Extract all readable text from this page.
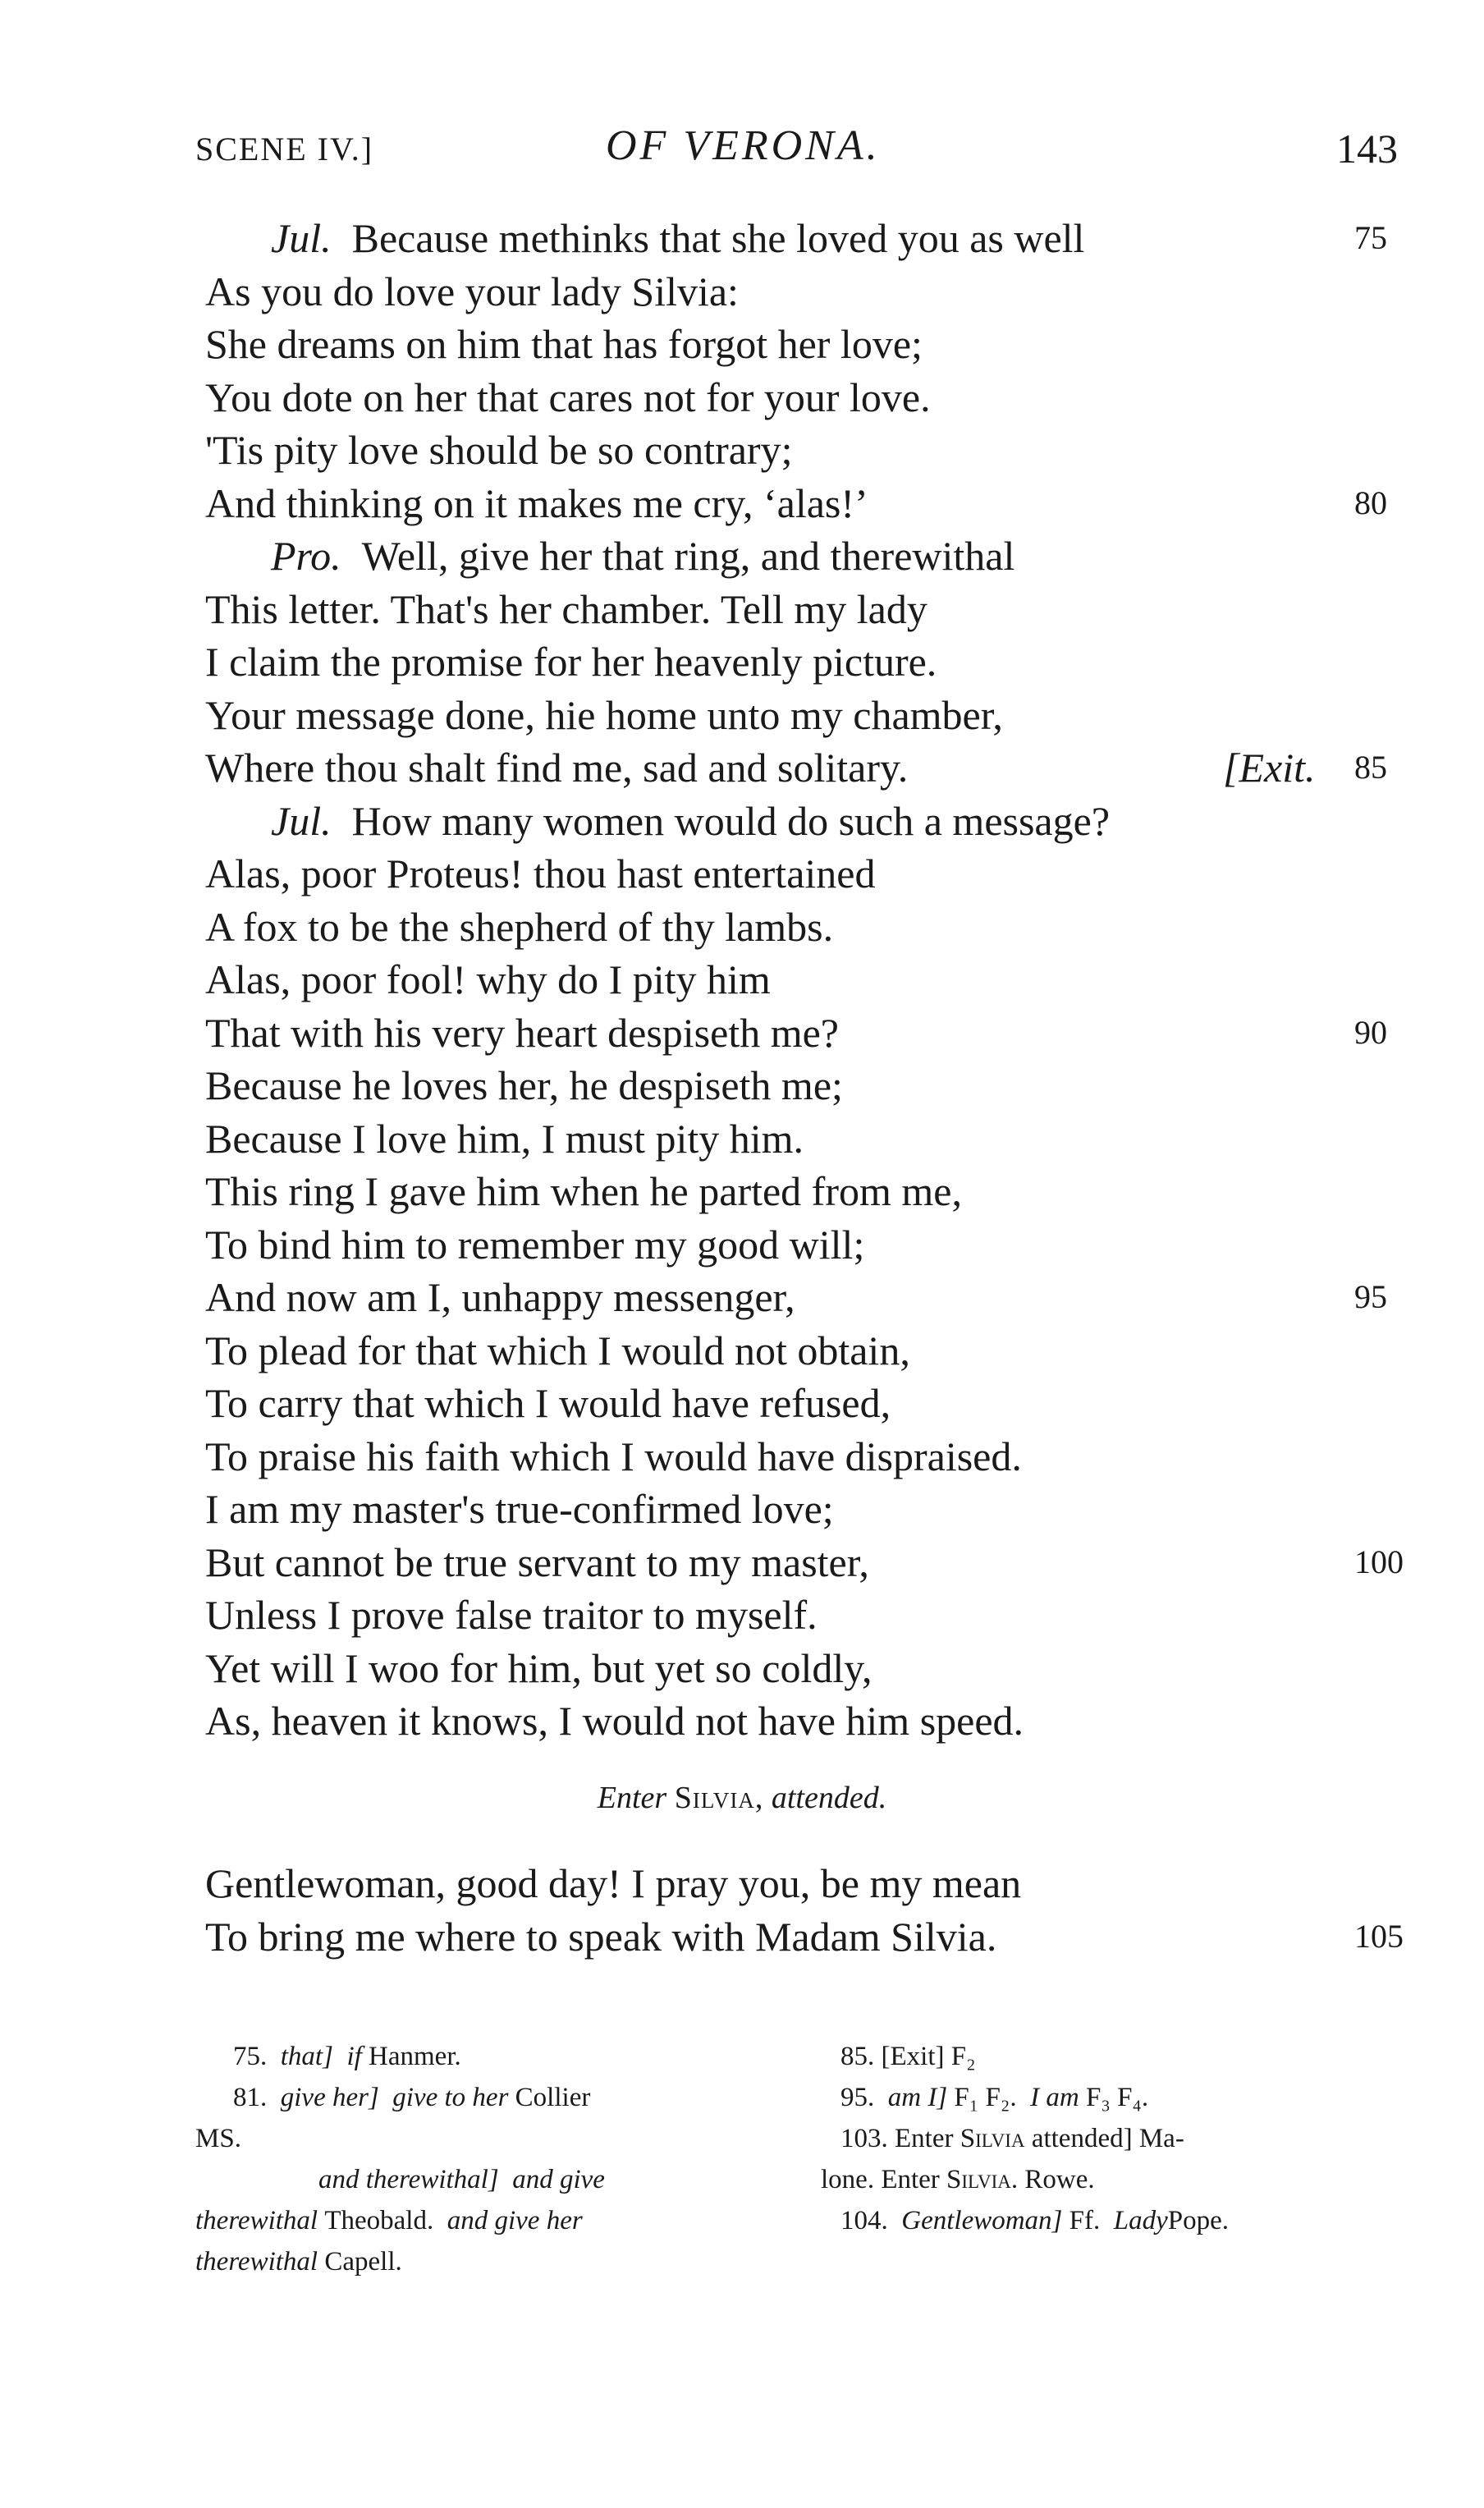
SCENE IV.]	OF VERONA.	143
Jul. Because methinks that she loved you as well	75
As you do love your lady Silvia:
She dreams on him that has forgot her love;
You dote on her that cares not for your love.
'Tis pity love should be so contrary;
And thinking on it makes me cry, ‘alas!’	80
Pro. Well, give her that ring, and therewithal
This letter. That's her chamber. Tell my lady
I claim the promise for her heavenly picture.
Your message done, hie home unto my chamber,
Where thou shalt find me, sad and solitary.	[Exit. 85
Jul. How many women would do such a message?
Alas, poor Proteus! thou hast entertained
A fox to be the shepherd of thy lambs.
Alas, poor fool! why do I pity him
That with his very heart despiseth me?	90
Because he loves her, he despiseth me;
Because I love him, I must pity him.
This ring I gave him when he parted from me,
To bind him to remember my good will;
And now am I, unhappy messenger,	95
To plead for that which I would not obtain,
To carry that which I would have refused,
To praise his faith which I would have dispraised.
I am my master's true-confirmed love;
But cannot be true servant to my master,	100
Unless I prove false traitor to myself.
Yet will I woo for him, but yet so coldly,
As, heaven it knows, I would not have him speed.
Enter Silvia, attended.
Gentlewoman, good day! I pray you, be my mean
To bring me where to speak with Madam Silvia.	105
75. that] if Hanmer.
81. give her] give to her Collier
MS.
and therewithal] and give
therewithal Theobald. and give her
therewithal Capell.
85. [Exit] F₂
95. am I] F₁ F₂. I am F₃ F₄.
103. Enter Silvia attended] Ma-
lone. Enter Silvia. Rowe.
104. Gentlewoman] Ff. LadyPope.
